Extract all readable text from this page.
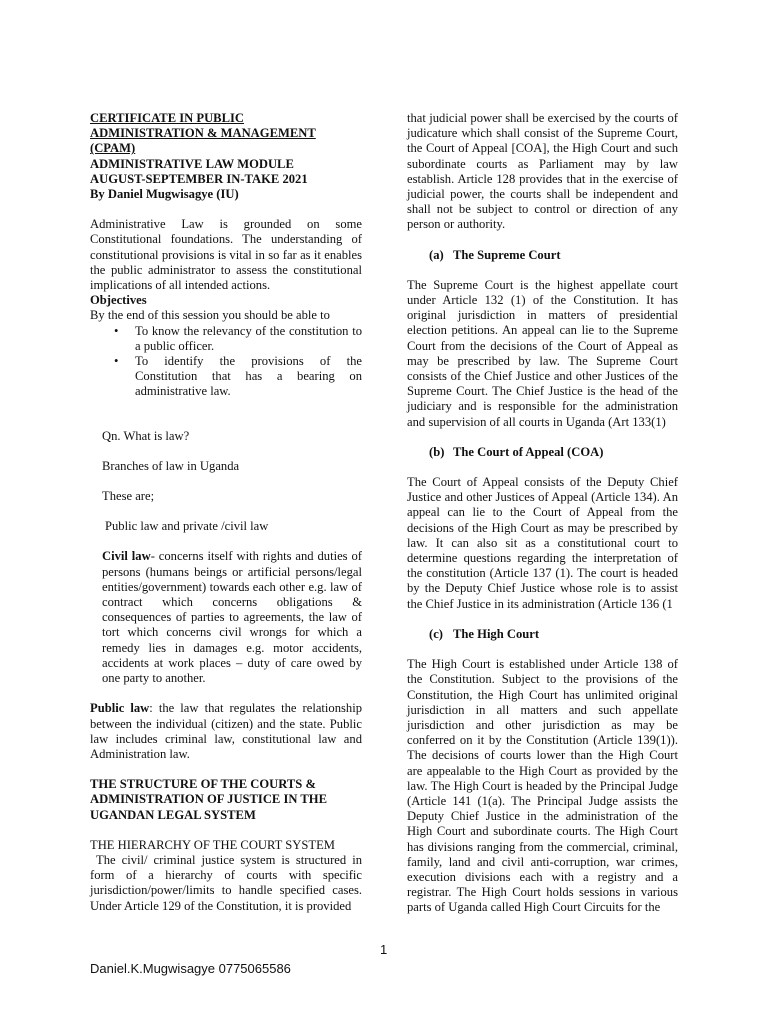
CERTIFICATE IN PUBLIC

ADMINISTRATION & MANAGEMENT

(CPAM)

ADMINISTRATIVE LAW MODULE

AUGUST-SEPTEMBER IN-TAKE 2021

By Daniel Mugwisagye (IU)

Administrative Law is grounded on some Constitutional foundations. The understanding of constitutional provisions is vital in so far as it enables the public administrator to assess the constitutional implications of all intended actions.

Objectives

By the end of this session you should be able to

• To know the relevancy of the constitution to a public officer.
• To identify the provisions of the Constitution that has a bearing on administrative law.

Qn. What is law?

Branches of law in Uganda

These are;

Public law and private /civil law

Civil law- concerns itself with rights and duties of persons (humans beings or artificial persons/legal entities/government) towards each other e.g. law of contract which concerns obligations & consequences of parties to agreements, the law of tort which concerns civil wrongs for which a remedy lies in damages e.g. motor accidents, accidents at work places – duty of care owed by one party to another.

Public law: the law that regulates the relationship between the individual (citizen) and the state. Public law includes criminal law, constitutional law and Administration law.

THE STRUCTURE OF THE COURTS & ADMINISTRATION OF JUSTICE IN THE UGANDAN LEGAL SYSTEM

THE HIERARCHY OF THE COURT SYSTEM

The civil/ criminal justice system is structured in form of a hierarchy of courts with specific jurisdiction/power/limits to handle specified cases. Under Article 129 of the Constitution, it is provided

that judicial power shall be exercised by the courts of judicature which shall consist of the Supreme Court, the Court of Appeal [COA], the High Court and such subordinate courts as Parliament may by law establish. Article 128 provides that in the exercise of judicial power, the courts shall be independent and shall not be subject to control or direction of any person or authority.

(a) The Supreme Court

The Supreme Court is the highest appellate court under Article 132 (1) of the Constitution. It has original jurisdiction in matters of presidential election petitions. An appeal can lie to the Supreme Court from the decisions of the Court of Appeal as may be prescribed by law. The Supreme Court consists of the Chief Justice and other Justices of the Supreme Court. The Chief Justice is the head of the judiciary and is responsible for the administration and supervision of all courts in Uganda (Art 133(1)

(b) The Court of Appeal (COA)

The Court of Appeal consists of the Deputy Chief Justice and other Justices of Appeal (Article 134). An appeal can lie to the Court of Appeal from the decisions of the High Court as may be prescribed by law. It can also sit as a constitutional court to determine questions regarding the interpretation of the constitution (Article 137 (1). The court is headed by the Deputy Chief Justice whose role is to assist the Chief Justice in its administration (Article 136 (1

(c) The High Court

The High Court is established under Article 138 of the Constitution. Subject to the provisions of the Constitution, the High Court has unlimited original jurisdiction in all matters and such appellate jurisdiction and other jurisdiction as may be conferred on it by the Constitution (Article 139(1)). The decisions of courts lower than the High Court are appealable to the High Court as provided by the law. The High Court is headed by the Principal Judge (Article 141 (1(a). The Principal Judge assists the Deputy Chief Justice in the administration of the High Court and subordinate courts. The High Court has divisions ranging from the commercial, criminal, family, land and civil anti-corruption, war crimes, execution divisions each with a registry and a registrar. The High Court holds sessions in various parts of Uganda called High Court Circuits for the

1
Daniel.K.Mugwisagye 0775065586
